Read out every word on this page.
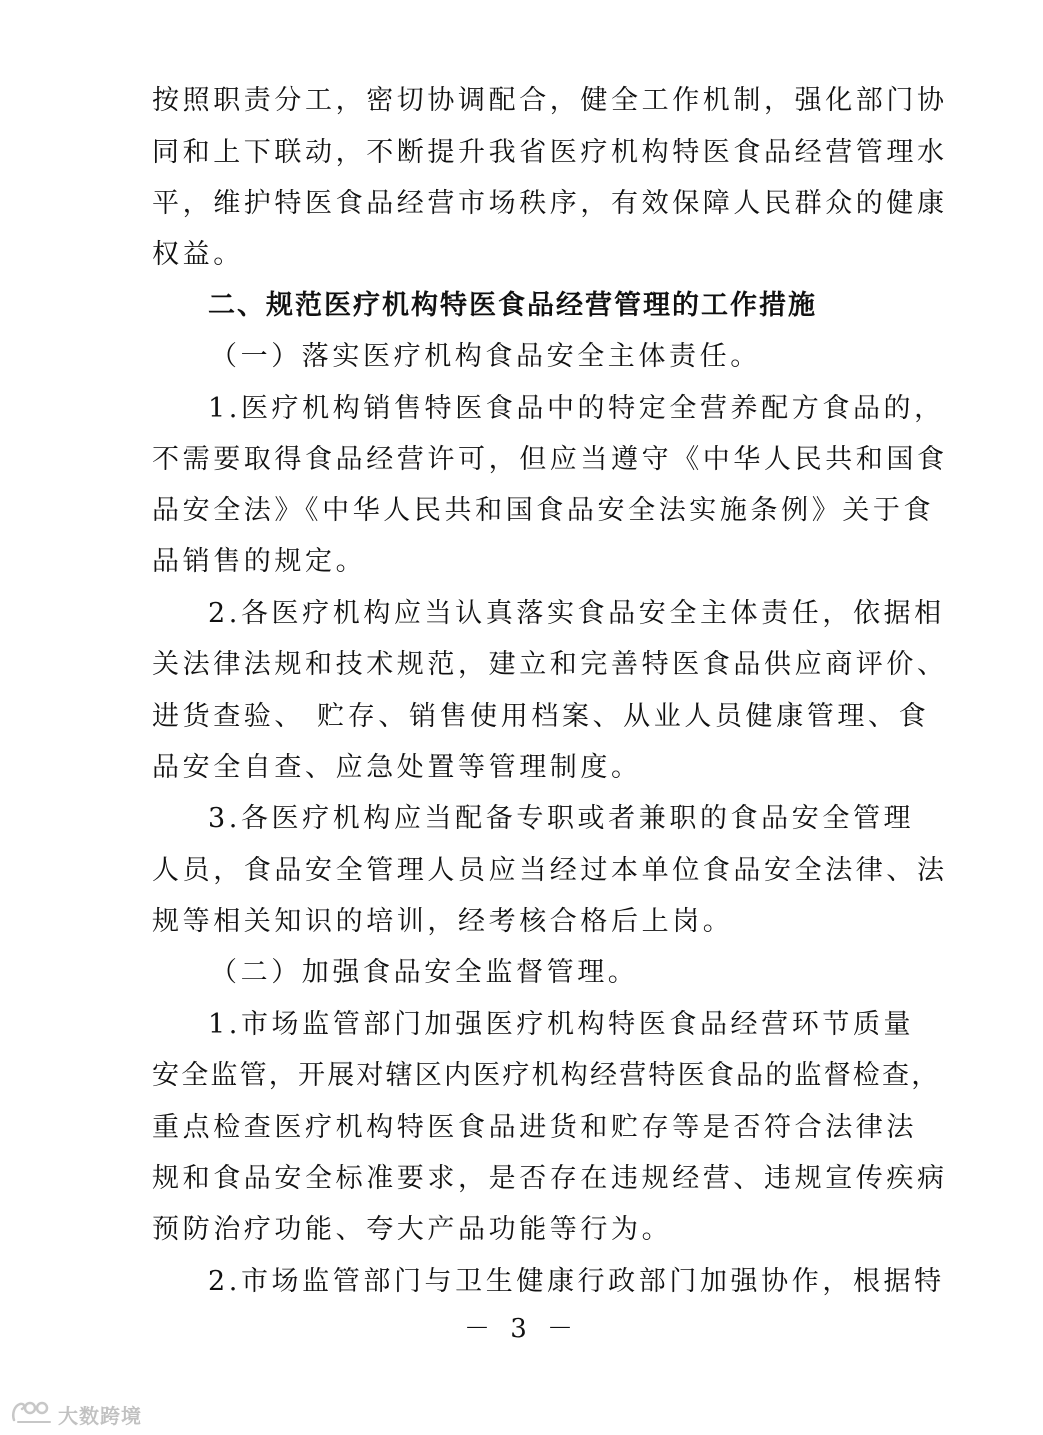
按照职责分工，密切协调配合，健全工作机制，强化部门协
同和上下联动，不断提升我省医疗机构特医食品经营管理水
平，维护特医食品经营市场秩序，有效保障人民群众的健康
权益。
二、规范医疗机构特医食品经营管理的工作措施
（一）落实医疗机构食品安全主体责任。
1.医疗机构销售特医食品中的特定全营养配方食品的，
不需要取得食品经营许可，但应当遵守《中华人民共和国食
品安全法》《中华人民共和国食品安全法实施条例》关于食
品销售的规定。
2.各医疗机构应当认真落实食品安全主体责任，依据相
关法律法规和技术规范，建立和完善特医食品供应商评价、
进货查验、 贮存、销售使用档案、从业人员健康管理、食
品安全自查、应急处置等管理制度。
3.各医疗机构应当配备专职或者兼职的食品安全管理
人员，食品安全管理人员应当经过本单位食品安全法律、法
规等相关知识的培训，经考核合格后上岗。
（二）加强食品安全监督管理。
1.市场监管部门加强医疗机构特医食品经营环节质量
安全监管，开展对辖区内医疗机构经营特医食品的监督检查，
重点检查医疗机构特医食品进货和贮存等是否符合法律法
规和食品安全标准要求，是否存在违规经营、违规宣传疾病
预防治疗功能、夸大产品功能等行为。
2.市场监管部门与卫生健康行政部门加强协作，根据特
－ 3 －
大数跨境
